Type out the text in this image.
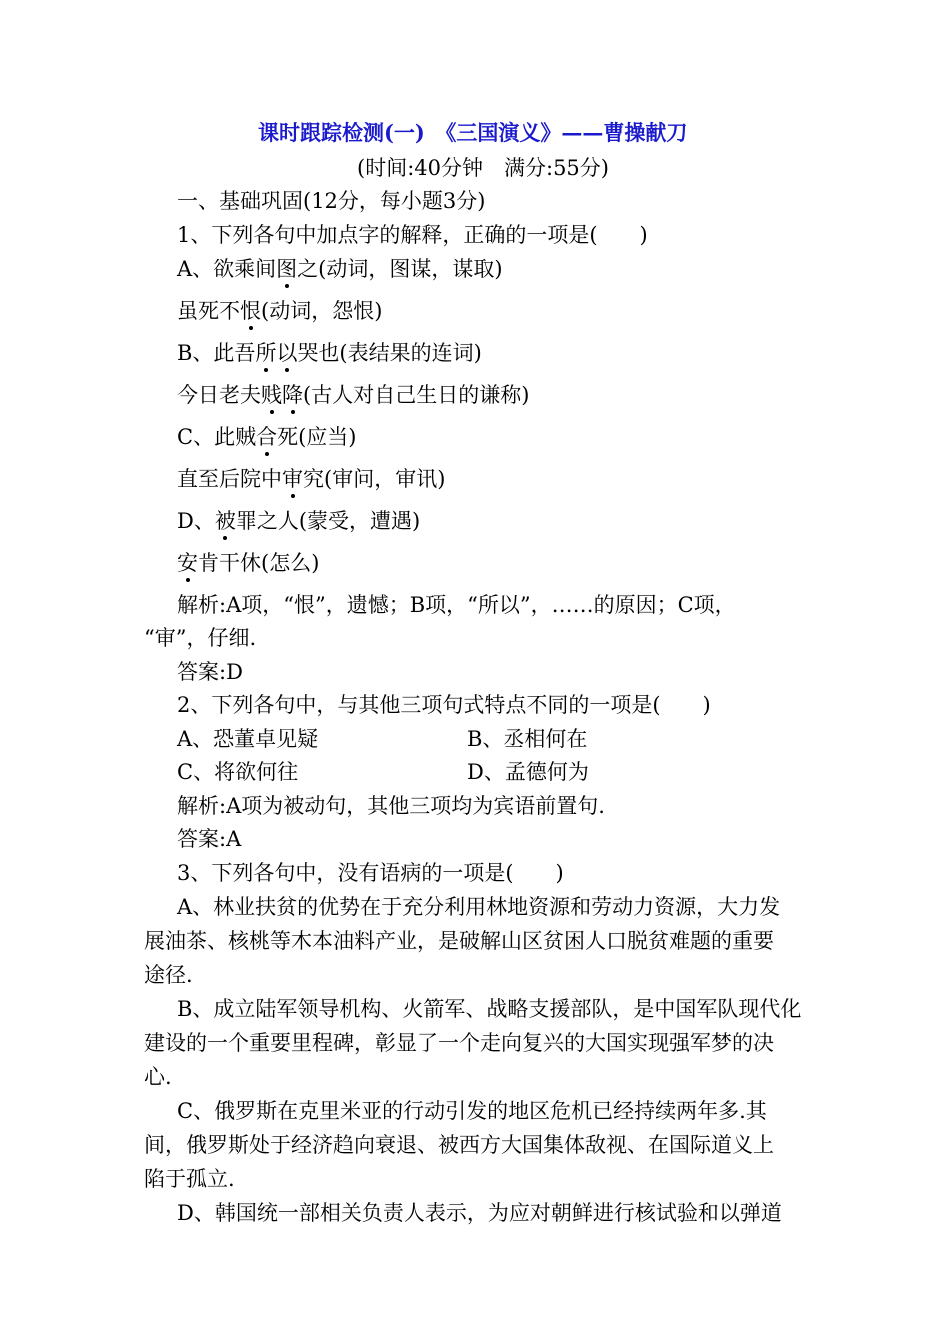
课时跟踪检测(一)　《三国演义》——曹操献刀
(时间:40分钟　满分:55分)
一、基础巩固(12分，每小题3分)
1、下列各句中加点字的解释，正确的一项是(　　)
A、欲乘间图之(动词，图谋，谋取)
虽死不恨(动词，怨恨)
B、此吾所以哭也(表结果的连词)
今日老夫贱降(古人对自己生日的谦称)
C、此贼合死(应当)
直至后院中审究(审问，审讯)
D、被罪之人(蒙受，遭遇)
安肯干休(怎么)
解析:A项，“恨”，遗憾；B项，“所以”，……的原因；C项，
“审”，仔细.
答案:D
2、下列各句中，与其他三项句式特点不同的一项是(　　)
A、恐董卓见疑	B、丞相何在
C、将欲何往	D、孟德何为
解析:A项为被动句，其他三项均为宾语前置句.
答案:A
3、下列各句中，没有语病的一项是(　　)
A、林业扶贫的优势在于充分利用林地资源和劳动力资源，大力发
展油茶、核桃等木本油料产业，是破解山区贫困人口脱贫难题的重要
途径.
B、成立陆军领导机构、火箭军、战略支援部队，是中国军队现代化
建设的一个重要里程碑，彰显了一个走向复兴的大国实现强军梦的决
心.
C、俄罗斯在克里米亚的行动引发的地区危机已经持续两年多.其
间，俄罗斯处于经济趋向衰退、被西方大国集体敌视、在国际道义上
陷于孤立.
D、韩国统一部相关负责人表示，为应对朝鲜进行核试验和以弹道
